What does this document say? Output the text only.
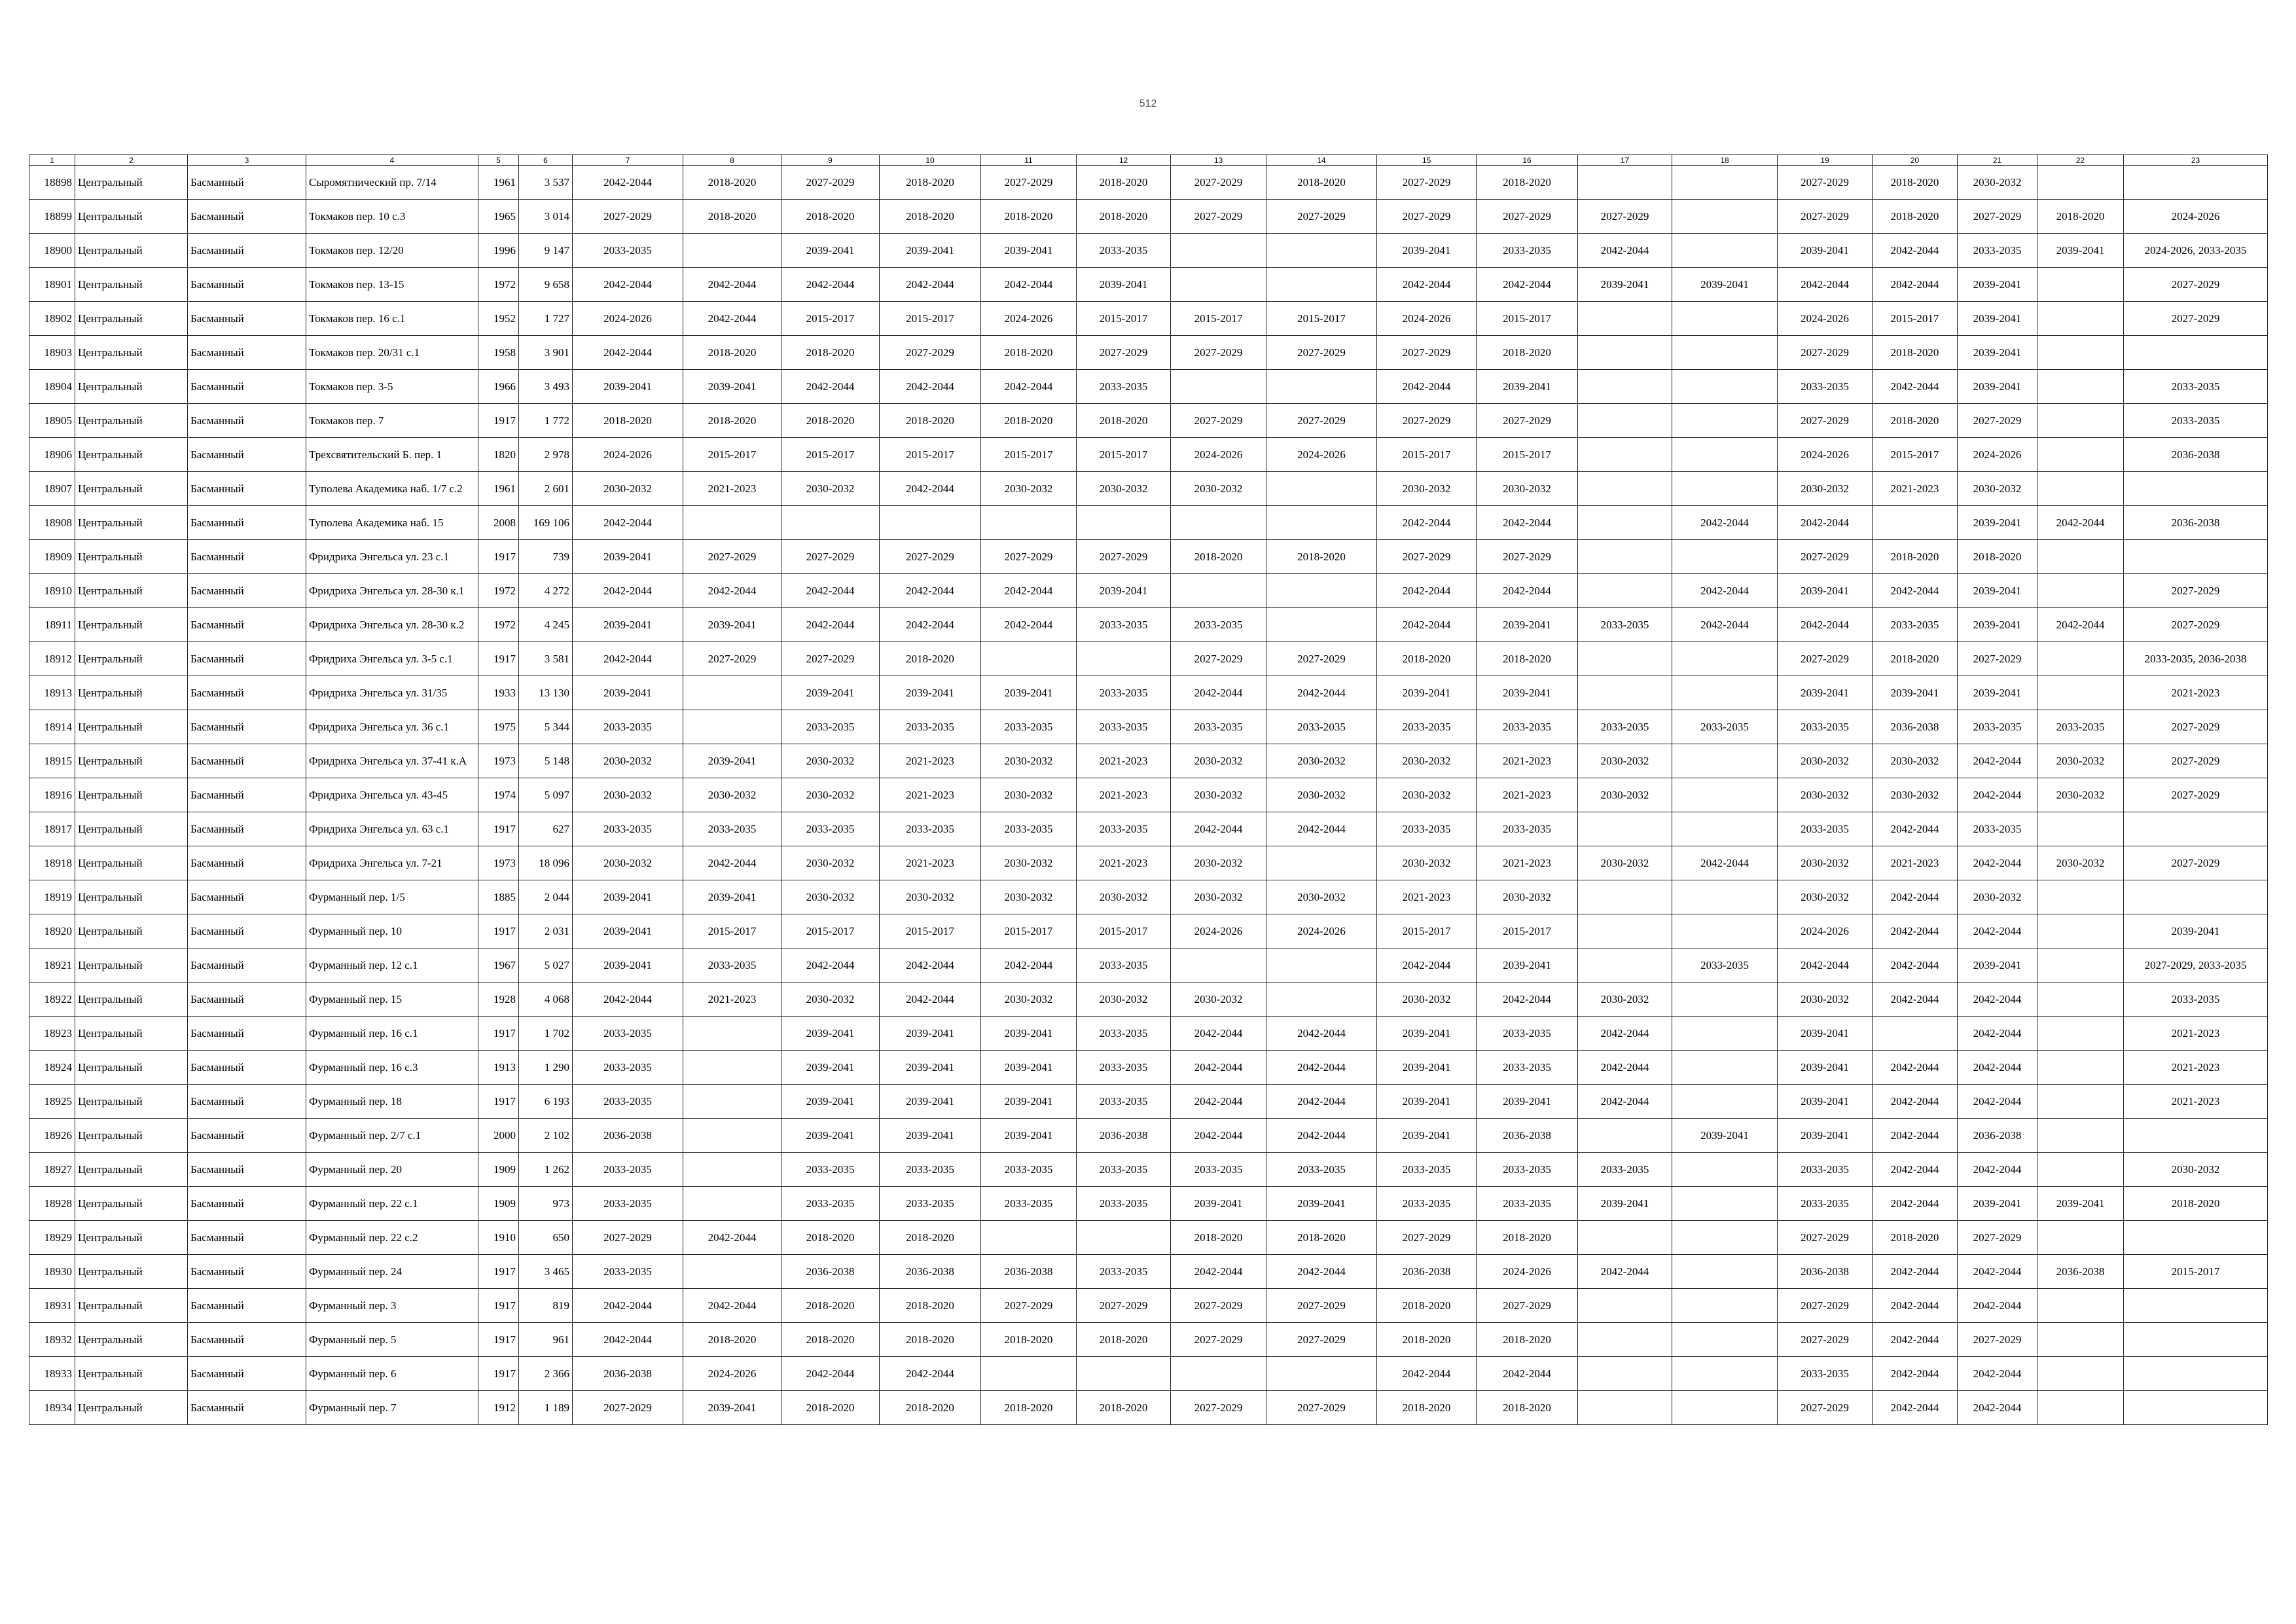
512
1	2	3	4	5	6	7	8	9	10	11	12	13	14	15	16	17	18	19	20	21	22	23
18898	Центральный	Басманный	Сыромятнический пр. 7/14	1961	3 537	2042-2044	2018-2020	2027-2029	2018-2020	2027-2029	2018-2020	2027-2029	2018-2020	2027-2029	2018-2020			2027-2029	2018-2020	2030-2032		
18899	Центральный	Басманный	Токмаков пер. 10 с.3	1965	3 014	2027-2029	2018-2020	2018-2020	2018-2020	2018-2020	2018-2020	2027-2029	2027-2029	2027-2029	2027-2029	2027-2029		2027-2029	2018-2020	2027-2029	2018-2020	2024-2026
18900	Центральный	Басманный	Токмаков пер. 12/20	1996	9 147	2033-2035		2039-2041	2039-2041	2039-2041	2033-2035			2039-2041	2033-2035	2042-2044		2039-2041	2042-2044	2033-2035	2039-2041	2024-2026, 2033-2035
18901	Центральный	Басманный	Токмаков пер. 13-15	1972	9 658	2042-2044	2042-2044	2042-2044	2042-2044	2042-2044	2039-2041			2042-2044	2042-2044	2039-2041	2039-2041	2042-2044	2042-2044	2039-2041		2027-2029
18902	Центральный	Басманный	Токмаков пер. 16 с.1	1952	1 727	2024-2026	2042-2044	2015-2017	2015-2017	2024-2026	2015-2017	2015-2017	2015-2017	2024-2026	2015-2017			2024-2026	2015-2017	2039-2041		2027-2029
18903	Центральный	Басманный	Токмаков пер. 20/31 с.1	1958	3 901	2042-2044	2018-2020	2018-2020	2027-2029	2018-2020	2027-2029	2027-2029	2027-2029	2027-2029	2018-2020			2027-2029	2018-2020	2039-2041		
18904	Центральный	Басманный	Токмаков пер. 3-5	1966	3 493	2039-2041	2039-2041	2042-2044	2042-2044	2042-2044	2033-2035			2042-2044	2039-2041			2033-2035	2042-2044	2039-2041		2033-2035
18905	Центральный	Басманный	Токмаков пер. 7	1917	1 772	2018-2020	2018-2020	2018-2020	2018-2020	2018-2020	2018-2020	2027-2029	2027-2029	2027-2029	2027-2029			2027-2029	2018-2020	2027-2029		2033-2035
18906	Центральный	Басманный	Трехсвятительский Б. пер. 1	1820	2 978	2024-2026	2015-2017	2015-2017	2015-2017	2015-2017	2015-2017	2024-2026	2024-2026	2015-2017	2015-2017			2024-2026	2015-2017	2024-2026		2036-2038
18907	Центральный	Басманный	Туполева Академика наб. 1/7 с.2	1961	2 601	2030-2032	2021-2023	2030-2032	2042-2044	2030-2032	2030-2032	2030-2032		2030-2032	2030-2032			2030-2032	2021-2023	2030-2032		
18908	Центральный	Басманный	Туполева Академика наб. 15	2008	169 106	2042-2044								2042-2044	2042-2044		2042-2044	2042-2044		2039-2041	2042-2044	2036-2038
18909	Центральный	Басманный	Фридриха Энгельса ул. 23 с.1	1917	739	2039-2041	2027-2029	2027-2029	2027-2029	2027-2029	2027-2029	2018-2020	2018-2020	2027-2029	2027-2029			2027-2029	2018-2020	2018-2020		
18910	Центральный	Басманный	Фридриха Энгельса ул. 28-30 к.1	1972	4 272	2042-2044	2042-2044	2042-2044	2042-2044	2042-2044	2039-2041			2042-2044	2042-2044		2042-2044	2039-2041	2042-2044	2039-2041		2027-2029
18911	Центральный	Басманный	Фридриха Энгельса ул. 28-30 к.2	1972	4 245	2039-2041	2039-2041	2042-2044	2042-2044	2042-2044	2033-2035	2033-2035		2042-2044	2039-2041	2033-2035	2042-2044	2042-2044	2033-2035	2039-2041	2042-2044	2027-2029
18912	Центральный	Басманный	Фридриха Энгельса ул. 3-5 с.1	1917	3 581	2042-2044	2027-2029	2027-2029	2018-2020			2027-2029	2027-2029	2018-2020	2018-2020			2027-2029	2018-2020	2027-2029		2033-2035, 2036-2038
18913	Центральный	Басманный	Фридриха Энгельса ул. 31/35	1933	13 130	2039-2041		2039-2041	2039-2041	2039-2041	2033-2035	2042-2044	2042-2044	2039-2041	2039-2041			2039-2041	2039-2041	2039-2041		2021-2023
18914	Центральный	Басманный	Фридриха Энгельса ул. 36 с.1	1975	5 344	2033-2035		2033-2035	2033-2035	2033-2035	2033-2035	2033-2035	2033-2035	2033-2035	2033-2035	2033-2035	2033-2035	2033-2035	2036-2038	2033-2035	2033-2035	2027-2029
18915	Центральный	Басманный	Фридриха Энгельса ул. 37-41 к.А	1973	5 148	2030-2032	2039-2041	2030-2032	2021-2023	2030-2032	2021-2023	2030-2032	2030-2032	2030-2032	2021-2023	2030-2032		2030-2032	2030-2032	2042-2044	2030-2032	2027-2029
18916	Центральный	Басманный	Фридриха Энгельса ул. 43-45	1974	5 097	2030-2032	2030-2032	2030-2032	2021-2023	2030-2032	2021-2023	2030-2032	2030-2032	2030-2032	2021-2023	2030-2032		2030-2032	2030-2032	2042-2044	2030-2032	2027-2029
18917	Центральный	Басманный	Фридриха Энгельса ул. 63 с.1	1917	627	2033-2035	2033-2035	2033-2035	2033-2035	2033-2035	2033-2035	2042-2044	2042-2044	2033-2035	2033-2035			2033-2035	2042-2044	2033-2035		
18918	Центральный	Басманный	Фридриха Энгельса ул. 7-21	1973	18 096	2030-2032	2042-2044	2030-2032	2021-2023	2030-2032	2021-2023	2030-2032		2030-2032	2021-2023	2030-2032	2042-2044	2030-2032	2021-2023	2042-2044	2030-2032	2027-2029
18919	Центральный	Басманный	Фурманный пер. 1/5	1885	2 044	2039-2041	2039-2041	2030-2032	2030-2032	2030-2032	2030-2032	2030-2032	2030-2032	2021-2023	2030-2032			2030-2032	2042-2044	2030-2032		
18920	Центральный	Басманный	Фурманный пер. 10	1917	2 031	2039-2041	2015-2017	2015-2017	2015-2017	2015-2017	2015-2017	2024-2026	2024-2026	2015-2017	2015-2017			2024-2026	2042-2044	2042-2044		2039-2041
18921	Центральный	Басманный	Фурманный пер. 12 с.1	1967	5 027	2039-2041	2033-2035	2042-2044	2042-2044	2042-2044	2033-2035			2042-2044	2039-2041		2033-2035	2042-2044	2042-2044	2039-2041		2027-2029, 2033-2035
18922	Центральный	Басманный	Фурманный пер. 15	1928	4 068	2042-2044	2021-2023	2030-2032	2042-2044	2030-2032	2030-2032	2030-2032		2030-2032	2042-2044	2030-2032		2030-2032	2042-2044	2042-2044		2033-2035
18923	Центральный	Басманный	Фурманный пер. 16 с.1	1917	1 702	2033-2035		2039-2041	2039-2041	2039-2041	2033-2035	2042-2044	2042-2044	2039-2041	2033-2035	2042-2044		2039-2041		2042-2044		2021-2023
18924	Центральный	Басманный	Фурманный пер. 16 с.3	1913	1 290	2033-2035		2039-2041	2039-2041	2039-2041	2033-2035	2042-2044	2042-2044	2039-2041	2033-2035	2042-2044		2039-2041	2042-2044	2042-2044		2021-2023
18925	Центральный	Басманный	Фурманный пер. 18	1917	6 193	2033-2035		2039-2041	2039-2041	2039-2041	2033-2035	2042-2044	2042-2044	2039-2041	2039-2041	2042-2044		2039-2041	2042-2044	2042-2044		2021-2023
18926	Центральный	Басманный	Фурманный пер. 2/7 с.1	2000	2 102	2036-2038		2039-2041	2039-2041	2039-2041	2036-2038	2042-2044	2042-2044	2039-2041	2036-2038		2039-2041	2039-2041	2042-2044	2036-2038		
18927	Центральный	Басманный	Фурманный пер. 20	1909	1 262	2033-2035		2033-2035	2033-2035	2033-2035	2033-2035	2033-2035	2033-2035	2033-2035	2033-2035	2033-2035		2033-2035	2042-2044	2042-2044		2030-2032
18928	Центральный	Басманный	Фурманный пер. 22 с.1	1909	973	2033-2035		2033-2035	2033-2035	2033-2035	2033-2035	2039-2041	2039-2041	2033-2035	2033-2035	2039-2041		2033-2035	2042-2044	2039-2041	2039-2041	2018-2020
18929	Центральный	Басманный	Фурманный пер. 22 с.2	1910	650	2027-2029	2042-2044	2018-2020	2018-2020			2018-2020	2018-2020	2027-2029	2018-2020			2027-2029	2018-2020	2027-2029		
18930	Центральный	Басманный	Фурманный пер. 24	1917	3 465	2033-2035		2036-2038	2036-2038	2036-2038	2033-2035	2042-2044	2042-2044	2036-2038	2024-2026	2042-2044		2036-2038	2042-2044	2042-2044	2036-2038	2015-2017
18931	Центральный	Басманный	Фурманный пер. 3	1917	819	2042-2044	2042-2044	2018-2020	2018-2020	2027-2029	2027-2029	2027-2029	2027-2029	2018-2020	2027-2029			2027-2029	2042-2044	2042-2044		
18932	Центральный	Басманный	Фурманный пер. 5	1917	961	2042-2044	2018-2020	2018-2020	2018-2020	2018-2020	2018-2020	2027-2029	2027-2029	2018-2020	2018-2020			2027-2029	2042-2044	2027-2029		
18933	Центральный	Басманный	Фурманный пер. 6	1917	2 366	2036-2038	2024-2026	2042-2044	2042-2044					2042-2044	2042-2044			2033-2035	2042-2044	2042-2044		
18934	Центральный	Басманный	Фурманный пер. 7	1912	1 189	2027-2029	2039-2041	2018-2020	2018-2020	2018-2020	2018-2020	2027-2029	2027-2029	2018-2020	2018-2020			2027-2029	2042-2044	2042-2044		
